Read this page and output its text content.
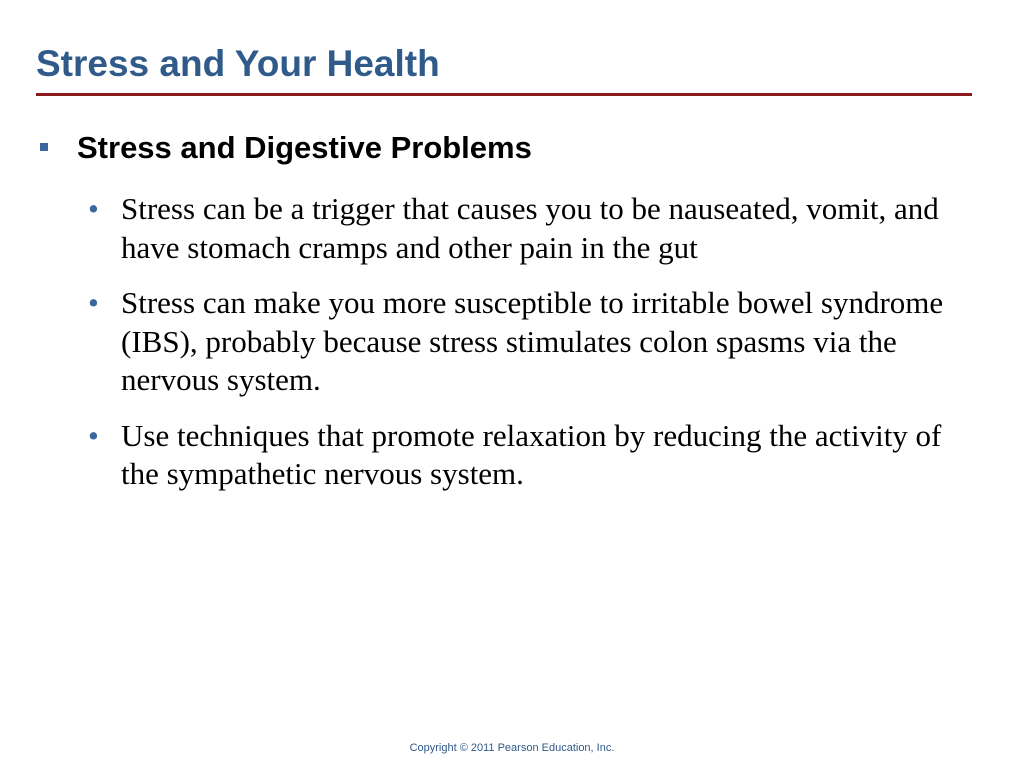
Stress and Your Health
Stress and Digestive Problems
• Stress can be a trigger that causes you to be nauseated, vomit, and have stomach cramps and other pain in the gut
• Stress can make you more susceptible to irritable bowel syndrome (IBS), probably because stress stimulates colon spasms via the nervous system.
• Use techniques that promote relaxation by reducing the activity of the sympathetic nervous system.
Copyright © 2011 Pearson Education, Inc.
